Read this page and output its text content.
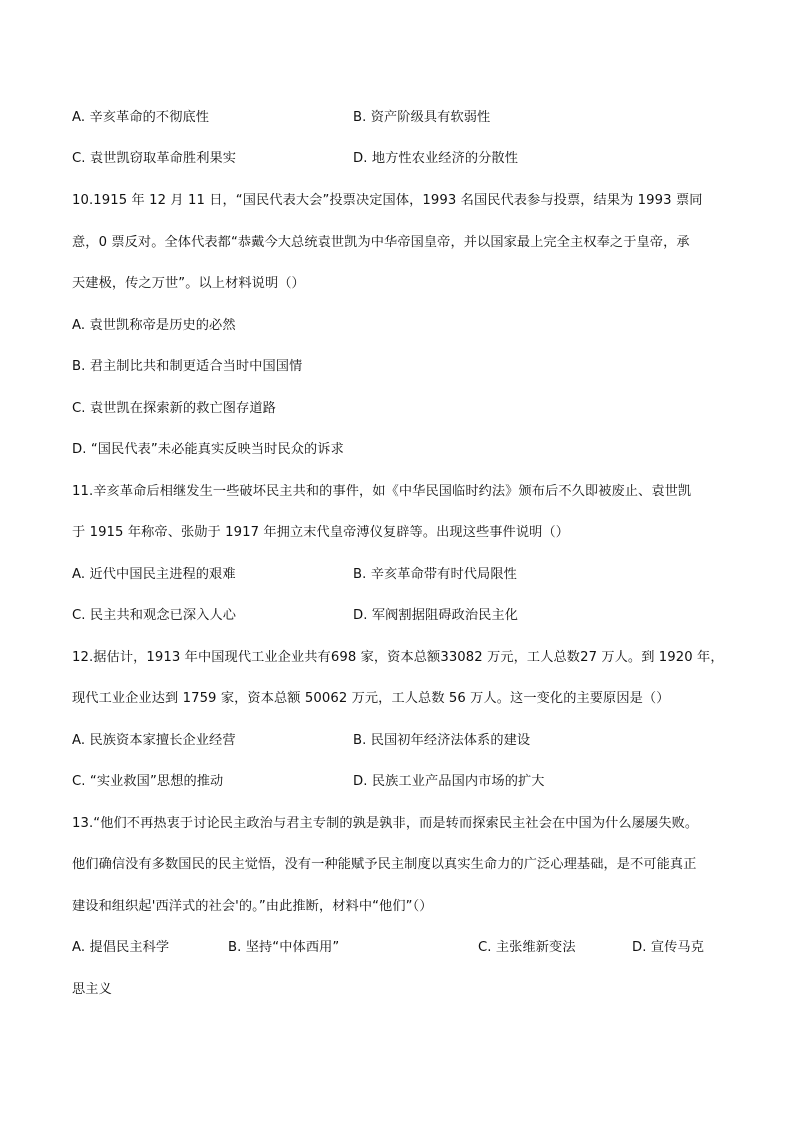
A. 辛亥革命的不彻底性	B. 资产阶级具有软弱性
C. 袁世凯窃取革命胜利果实	D. 地方性农业经济的分散性
10.1915 年 12 月 11 日，“国民代表大会”投票决定国体，1993 名国民代表参与投票，结果为 1993 票同
意，0 票反对。全体代表都“恭戴今大总统袁世凯为中华帝国皇帝，并以国家最上完全主权奉之于皇帝，承
天建极，传之万世”。以上材料说明（）
A. 袁世凯称帝是历史的必然
B. 君主制比共和制更适合当时中国国情
C. 袁世凯在探索新的救亡图存道路
D. “国民代表”未必能真实反映当时民众的诉求
11.辛亥革命后相继发生一些破坏民主共和的事件，如《中华民国临时约法》颁布后不久即被废止、袁世凯
于 1915 年称帝、张勋于 1917 年拥立末代皇帝溥仪复辟等。出现这些事件说明（）
A. 近代中国民主进程的艰难	B. 辛亥革命带有时代局限性
C. 民主共和观念已深入人心	D. 军阀割据阻碍政治民主化
12.据估计，1913 年中国现代工业企业共有698 家，资本总额33082 万元，工人总数27 万人。到 1920 年，
现代工业企业达到 1759 家，资本总额 50062 万元，工人总数 56 万人。这一变化的主要原因是（）
A. 民族资本家擅长企业经营	B. 民国初年经济法体系的建设
C. “实业救国”思想的推动	D. 民族工业产品国内市场的扩大
13.“他们不再热衷于讨论民主政治与君主专制的孰是孰非，而是转而探索民主社会在中国为什么屡屡失败。
他们确信没有多数国民的民主觉悟，没有一种能赋予民主制度以真实生命力的广泛心理基础，是不可能真正
建设和组织起'西洋式的社会'的。”由此推断，材料中“他们”（）
A. 提倡民主科学	B. 坚持“中体西用”	C. 主张维新变法	D. 宣传马克
思主义
